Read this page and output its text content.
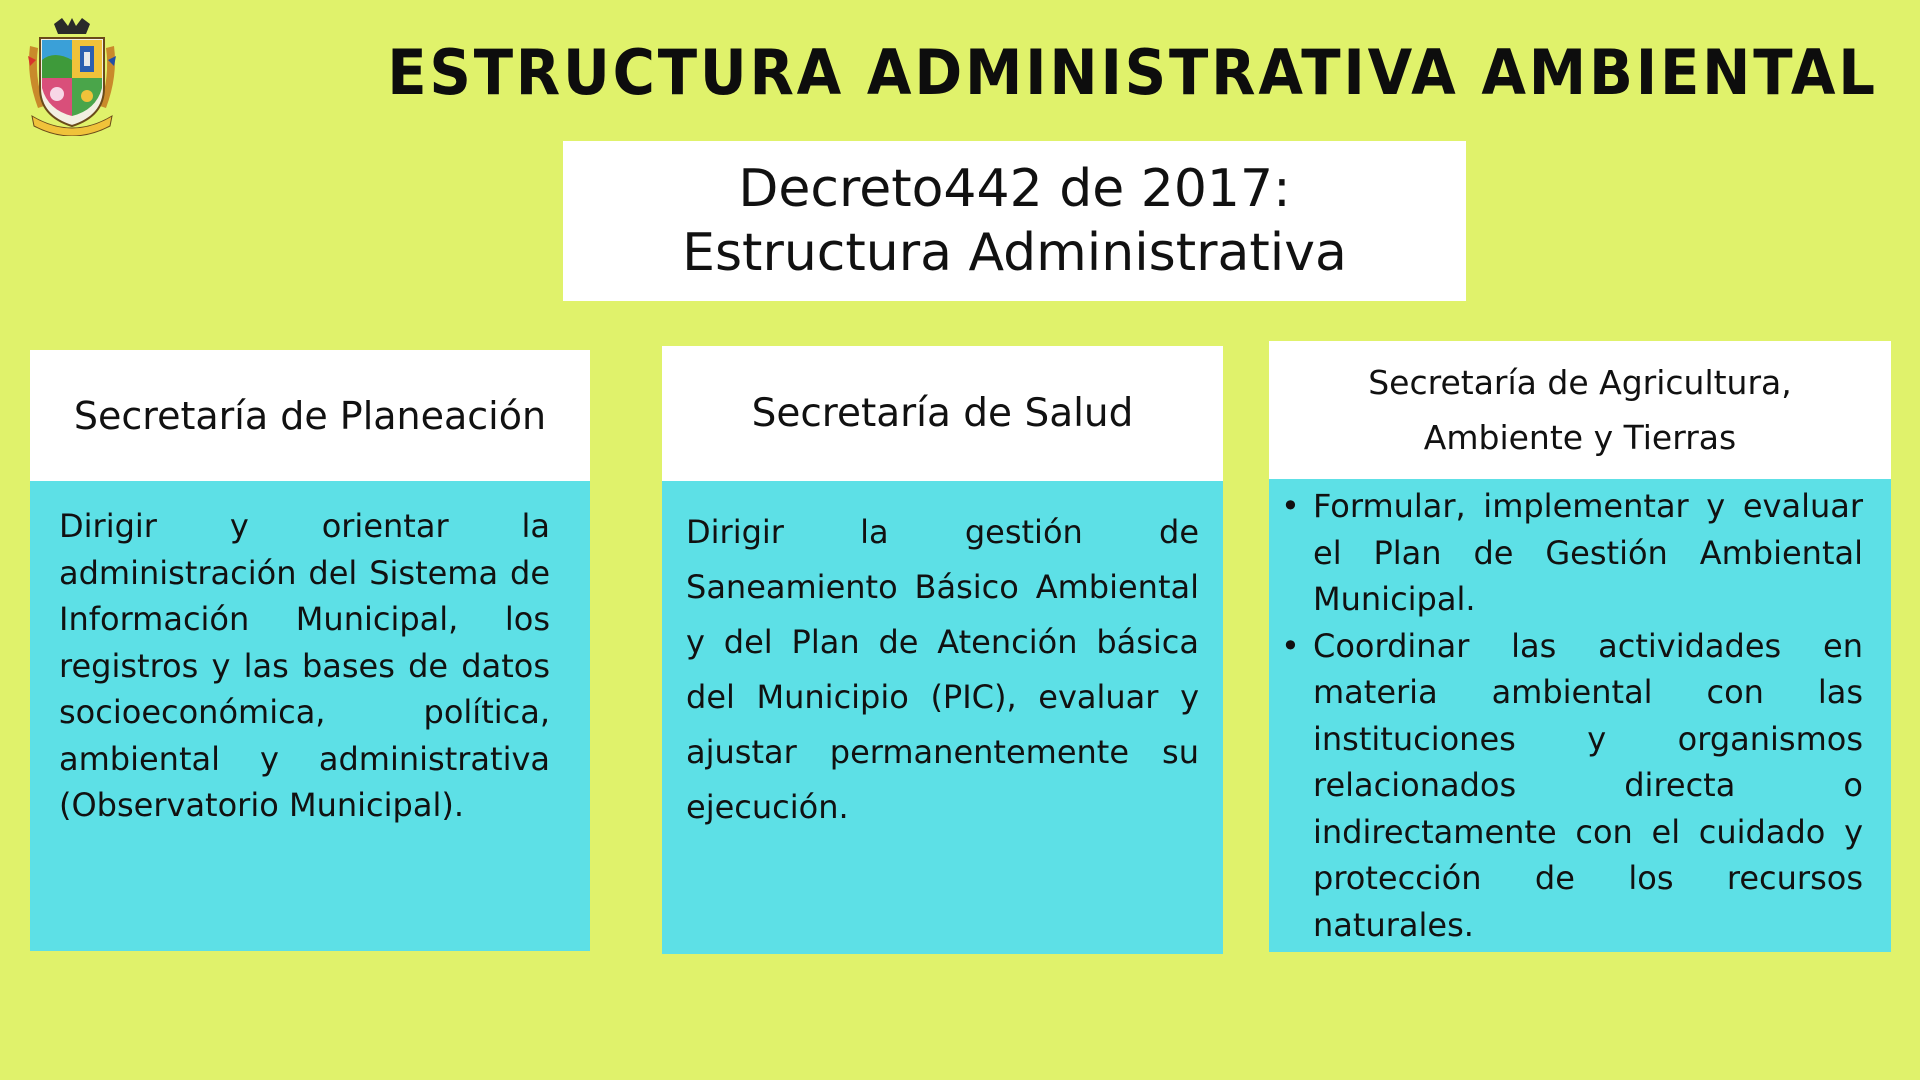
ESTRUCTURA ADMINISTRATIVA AMBIENTAL
Decreto442 de 2017:
Estructura Administrativa
Secretaría de Planeación
Dirigir y orientar la administración del Sistema de Información Municipal, los registros y las bases de datos socioeconómica, política, ambiental y administrativa (Observatorio Municipal).
Secretaría de Salud
Dirigir la gestión de Saneamiento Básico Ambiental y del Plan de Atención básica del Municipio (PIC), evaluar y ajustar permanentemente su ejecución.
Secretaría de Agricultura,
Ambiente y Tierras
• Formular, implementar y evaluar el Plan de Gestión Ambiental Municipal.
• Coordinar las actividades en materia ambiental con las instituciones y organismos relacionados directa o indirectamente con el cuidado y protección de los recursos naturales.
